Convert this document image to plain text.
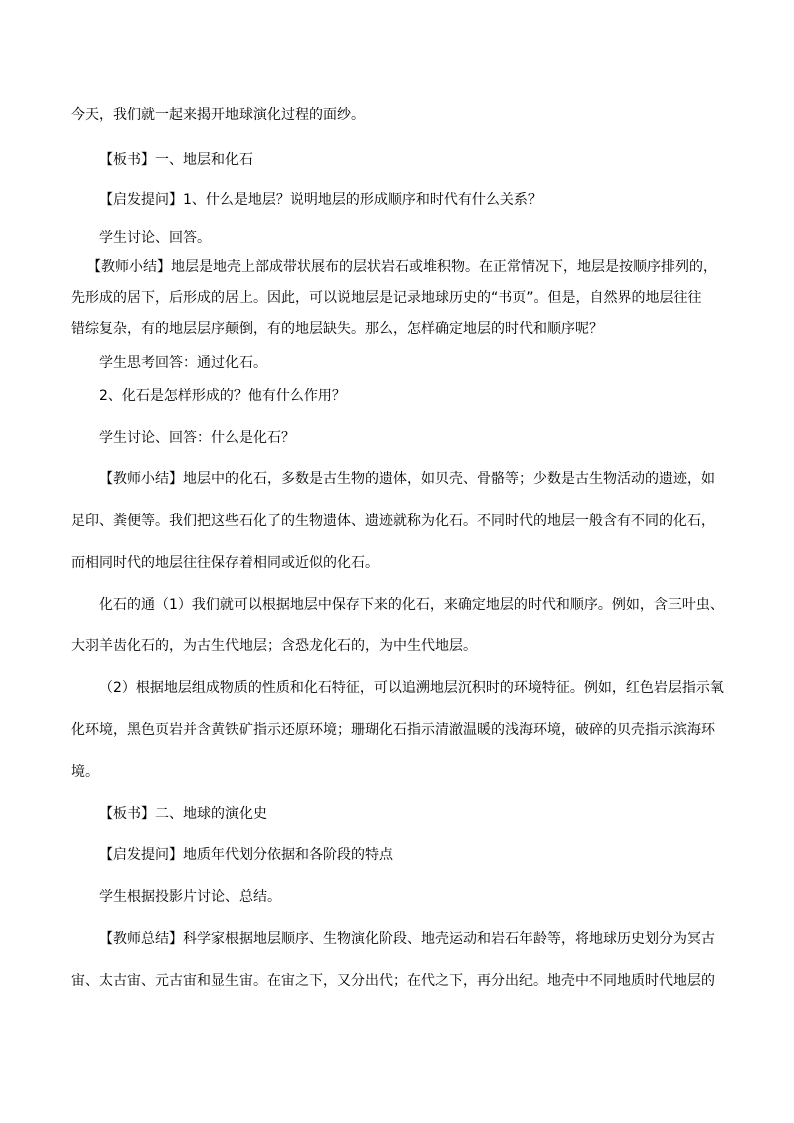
今天，我们就一起来揭开地球演化过程的面纱。
【板书】一、地层和化石
【启发提问】1、什么是地层？说明地层的形成顺序和时代有什么关系？
学生讨论、回答。
【教师小结】地层是地壳上部成带状展布的层状岩石或堆积物。在正常情况下，地层是按顺序排列的，
先形成的居下，后形成的居上。因此，可以说地层是记录地球历史的“书页”。但是，自然界的地层往往
错综复杂，有的地层层序颠倒，有的地层缺失。那么，怎样确定地层的时代和顺序呢？
学生思考回答：通过化石。
2、化石是怎样形成的？他有什么作用？
学生讨论、回答：什么是化石？
【教师小结】地层中的化石，多数是古生物的遗体，如贝壳、骨骼等；少数是古生物活动的遗迹，如
足印、粪便等。我们把这些石化了的生物遗体、遗迹就称为化石。不同时代的地层一般含有不同的化石，
而相同时代的地层往往保存着相同或近似的化石。
化石的通（1）我们就可以根据地层中保存下来的化石，来确定地层的时代和顺序。例如，含三叶虫、
大羽羊齿化石的，为古生代地层；含恐龙化石的，为中生代地层。
（2）根据地层组成物质的性质和化石特征，可以追溯地层沉积时的环境特征。例如，红色岩层指示氧
化环境，黑色页岩并含黄铁矿指示还原环境；珊瑚化石指示清澈温暖的浅海环境，破碎的贝壳指示滨海环
境。
【板书】二、地球的演化史
【启发提问】地质年代划分依据和各阶段的特点
学生根据投影片讨论、总结。
【教师总结】科学家根据地层顺序、生物演化阶段、地壳运动和岩石年龄等，将地球历史划分为冥古
宙、太古宙、元古宙和显生宙。在宙之下，又分出代；在代之下，再分出纪。地壳中不同地质时代地层的
